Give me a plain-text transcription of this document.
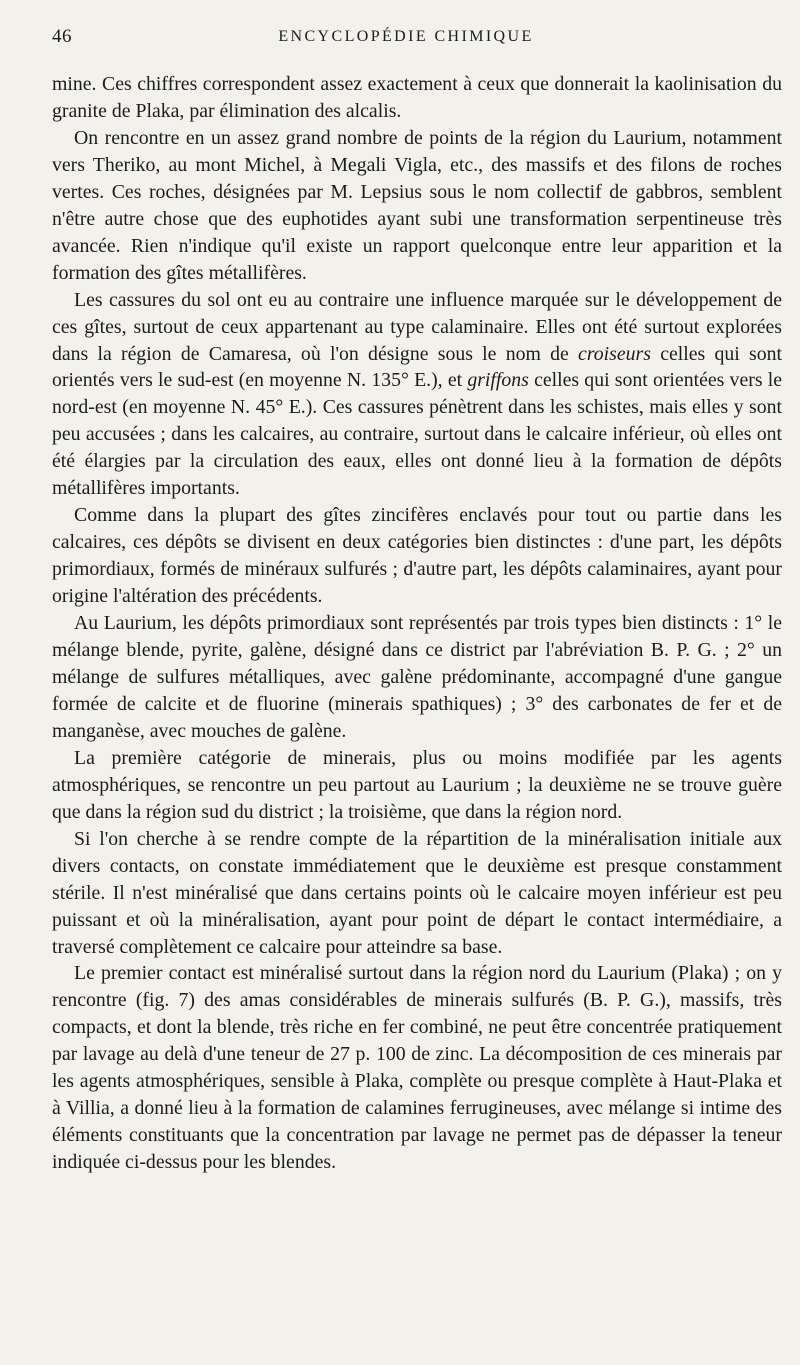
46	ENCYCLOPÉDIE CHIMIQUE

mine. Ces chiffres correspondent assez exactement à ceux que donnerait la kaolinisation du granite de Plaka, par élimination des alcalis.

On rencontre en un assez grand nombre de points de la région du Laurium, notamment vers Theriko, au mont Michel, à Megali Vigla, etc., des massifs et des filons de roches vertes. Ces roches, désignées par M. Lepsius sous le nom collectif de gabbros, semblent n'être autre chose que des euphotides ayant subi une transformation serpentineuse très avancée. Rien n'indique qu'il existe un rapport quelconque entre leur apparition et la formation des gîtes métallifères.

Les cassures du sol ont eu au contraire une influence marquée sur le développement de ces gîtes, surtout de ceux appartenant au type calaminaire. Elles ont été surtout explorées dans la région de Camaresa, où l'on désigne sous le nom de croiseurs celles qui sont orientés vers le sud-est (en moyenne N. 135° E.), et griffons celles qui sont orientées vers le nord-est (en moyenne N. 45° E.). Ces cassures pénètrent dans les schistes, mais elles y sont peu accusées ; dans les calcaires, au contraire, surtout dans le calcaire inférieur, où elles ont été élargies par la circulation des eaux, elles ont donné lieu à la formation de dépôts métallifères importants.

Comme dans la plupart des gîtes zincifères enclavés pour tout ou partie dans les calcaires, ces dépôts se divisent en deux catégories bien distinctes : d'une part, les dépôts primordiaux, formés de minéraux sulfurés ; d'autre part, les dépôts calaminaires, ayant pour origine l'altération des précédents.

Au Laurium, les dépôts primordiaux sont représentés par trois types bien distincts : 1° le mélange blende, pyrite, galène, désigné dans ce district par l'abréviation B. P. G. ; 2° un mélange de sulfures métalliques, avec galène prédominante, accompagné d'une gangue formée de calcite et de fluorine (minerais spathiques) ; 3° des carbonates de fer et de manganèse, avec mouches de galène.

La première catégorie de minerais, plus ou moins modifiée par les agents atmosphériques, se rencontre un peu partout au Laurium ; la deuxième ne se trouve guère que dans la région sud du district ; la troisième, que dans la région nord.

Si l'on cherche à se rendre compte de la répartition de la minéralisation initiale aux divers contacts, on constate immédiatement que le deuxième est presque constamment stérile. Il n'est minéralisé que dans certains points où le calcaire moyen inférieur est peu puissant et où la minéralisation, ayant pour point de départ le contact intermédiaire, a traversé complètement ce calcaire pour atteindre sa base.

Le premier contact est minéralisé surtout dans la région nord du Laurium (Plaka) ; on y rencontre (fig. 7) des amas considérables de minerais sulfurés (B. P. G.), massifs, très compacts, et dont la blende, très riche en fer combiné, ne peut être concentrée pratiquement par lavage au delà d'une teneur de 27 p. 100 de zinc. La décomposition de ces minerais par les agents atmosphériques, sensible à Plaka, complète ou presque complète à Haut-Plaka et à Villia, a donné lieu à la formation de calamines ferrugineuses, avec mélange si intime des éléments constituants que la concentration par lavage ne permet pas de dépasser la teneur indiquée ci-dessus pour les blendes.
